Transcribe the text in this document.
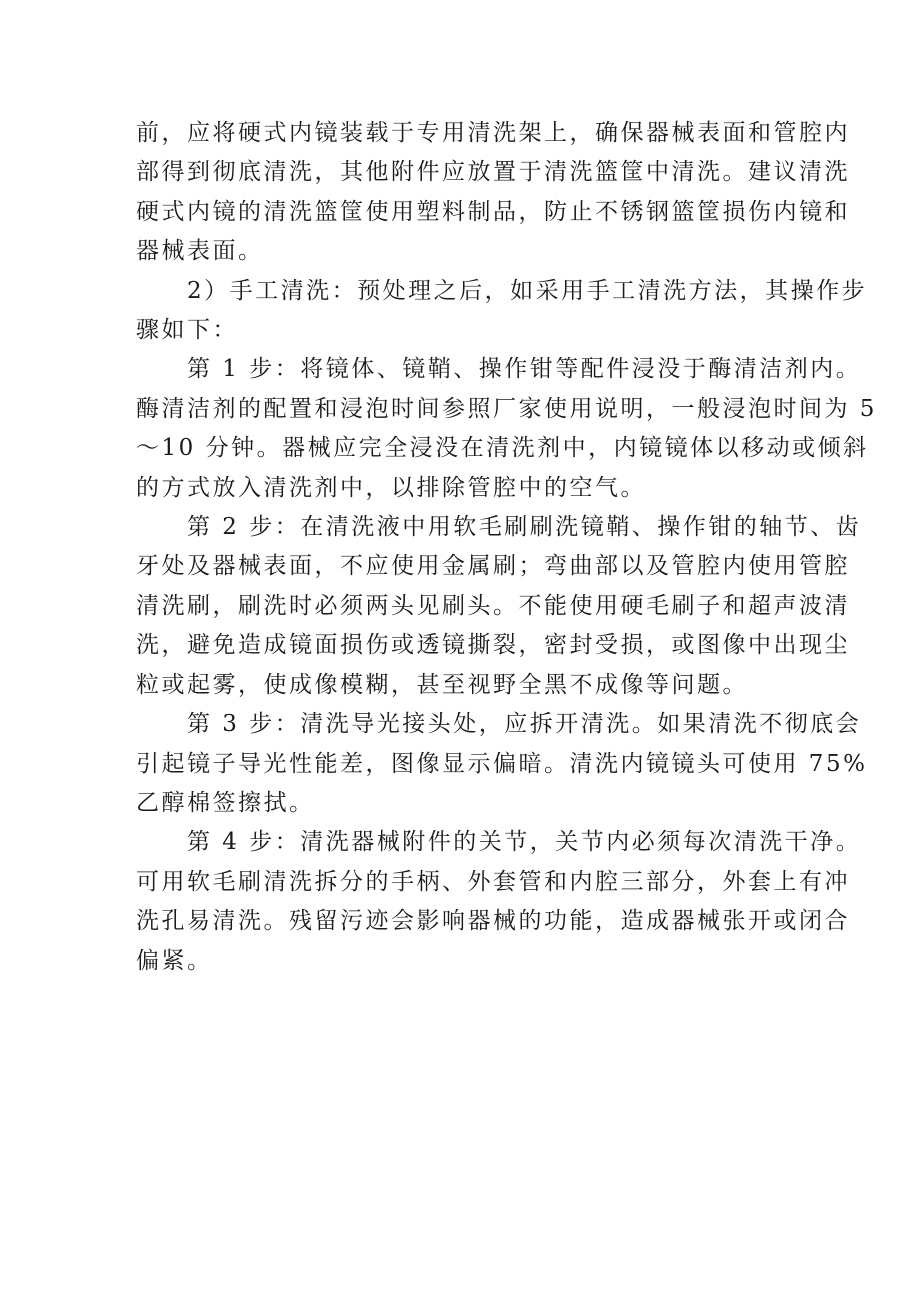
前，应将硬式内镜装载于专用清洗架上，确保器械表面和管腔内
部得到彻底清洗，其他附件应放置于清洗篮筐中清洗。建议清洗
硬式内镜的清洗篮筐使用塑料制品，防止不锈钢篮筐损伤内镜和
器械表面。
　　2）手工清洗：预处理之后，如采用手工清洗方法，其操作步
骤如下：
　　第 1 步：将镜体、镜鞘、操作钳等配件浸没于酶清洁剂内。
酶清洁剂的配置和浸泡时间参照厂家使用说明，一般浸泡时间为 5
～10 分钟。器械应完全浸没在清洗剂中，内镜镜体以移动或倾斜
的方式放入清洗剂中，以排除管腔中的空气。
　　第 2 步：在清洗液中用软毛刷刷洗镜鞘、操作钳的轴节、齿
牙处及器械表面，不应使用金属刷；弯曲部以及管腔内使用管腔
清洗刷，刷洗时必须两头见刷头。不能使用硬毛刷子和超声波清
洗，避免造成镜面损伤或透镜撕裂，密封受损，或图像中出现尘
粒或起雾，使成像模糊，甚至视野全黑不成像等问题。
　　第 3 步：清洗导光接头处，应拆开清洗。如果清洗不彻底会
引起镜子导光性能差，图像显示偏暗。清洗内镜镜头可使用 75%
乙醇棉签擦拭。
　　第 4 步：清洗器械附件的关节，关节内必须每次清洗干净。
可用软毛刷清洗拆分的手柄、外套管和内腔三部分，外套上有冲
洗孔易清洗。残留污迹会影响器械的功能，造成器械张开或闭合
偏紧。
